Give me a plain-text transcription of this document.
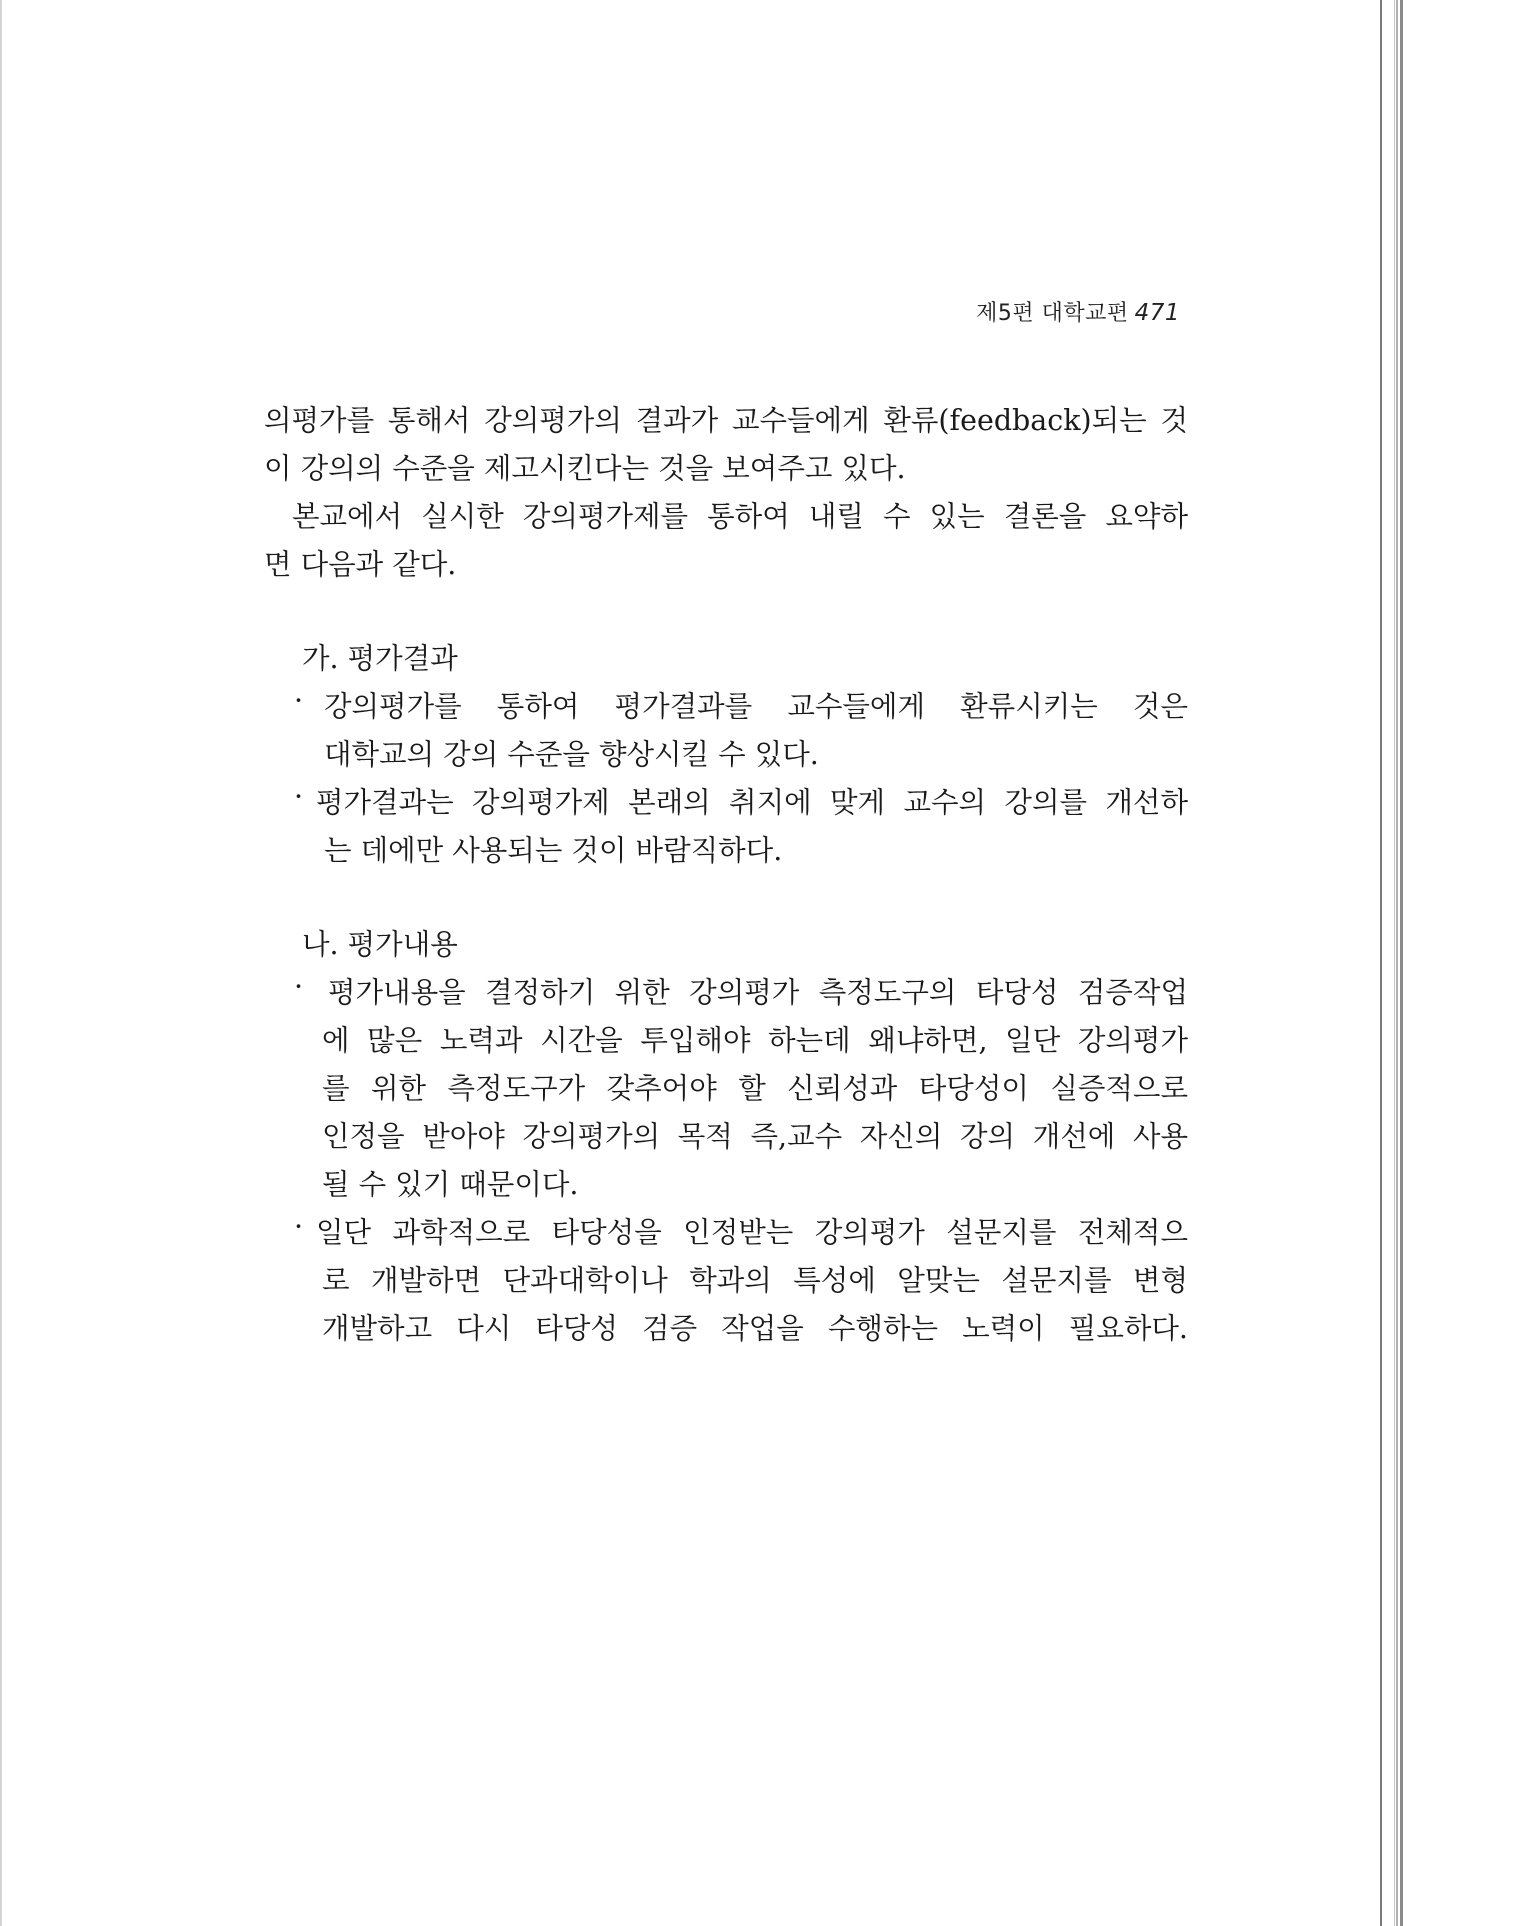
제5편 대학교편 471
의평가를 통해서 강의평가의 결과가 교수들에게 환류(feedback)되는 것
이 강의의 수준을 제고시킨다는 것을 보여주고 있다.
본교에서 실시한 강의평가제를 통하여 내릴 수 있는 결론을 요약하
면 다음과 같다.
가. 평가결과
· 강의평가를 통하여 평가결과를 교수들에게 환류시키는 것은
대학교의 강의 수준을 향상시킬 수 있다.
· 평가결과는 강의평가제 본래의 취지에 맞게 교수의 강의를 개선하
는 데에만 사용되는 것이 바람직하다.
나. 평가내용
· 평가내용을 결정하기 위한 강의평가 측정도구의 타당성 검증작업
에 많은 노력과 시간을 투입해야 하는데 왜냐하면, 일단 강의평가
를 위한 측정도구가 갖추어야 할 신뢰성과 타당성이 실증적으로
인정을 받아야 강의평가의 목적 즉,교수 자신의 강의 개선에 사용
될 수 있기 때문이다.
· 일단 과학적으로 타당성을 인정받는 강의평가 설문지를 전체적으
로 개발하면 단과대학이나 학과의 특성에 알맞는 설문지를 변형
개발하고 다시 타당성 검증 작업을 수행하는 노력이 필요하다.
